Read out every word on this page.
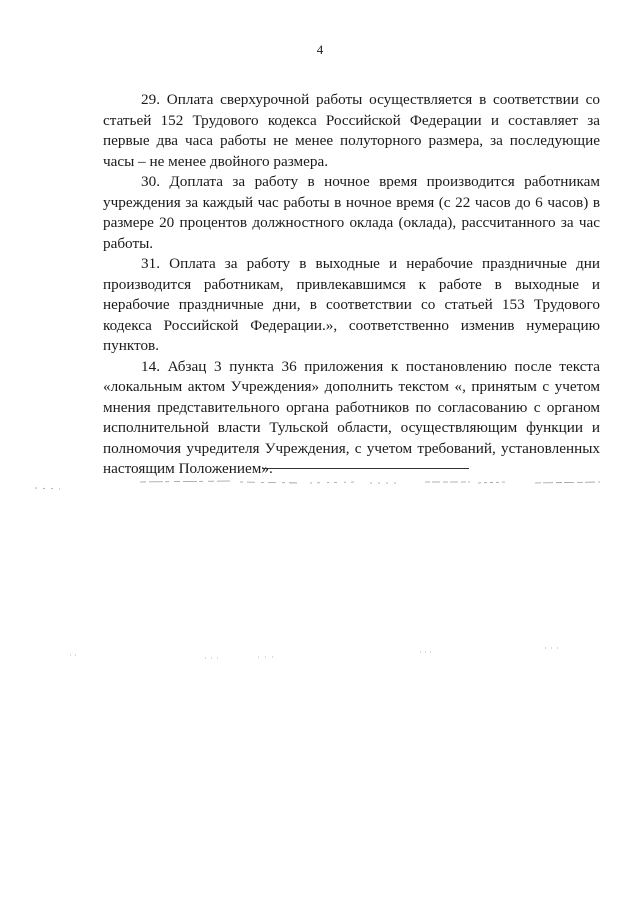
4

29. Оплата сверхурочной работы осуществляется в соответствии со статьей 152 Трудового кодекса Российской Федерации и составляет за первые два часа работы не менее полуторного размера, за последующие часы – не менее двойного размера.

30. Доплата за работу в ночное время производится работникам учреждения за каждый час работы в ночное время (с 22 часов до 6 часов) в размере 20 процентов должностного оклада (оклада), рассчитанного за час работы.

31. Оплата за работу в выходные и нерабочие праздничные дни производится работникам, привлекавшимся к работе в выходные и нерабочие праздничные дни, в соответствии со статьей 153 Трудового кодекса Российской Федерации.», соответственно изменив нумерацию пунктов.

14. Абзац 3 пункта 36 приложения к постановлению после текста «локальным актом Учреждения» дополнить текстом «, принятым с учетом мнения представительного органа работников по согласованию с органом исполнительной власти Тульской области, осуществляющим функции и полномочия учредителя Учреждения, с учетом требований, установленных настоящим Положением».
